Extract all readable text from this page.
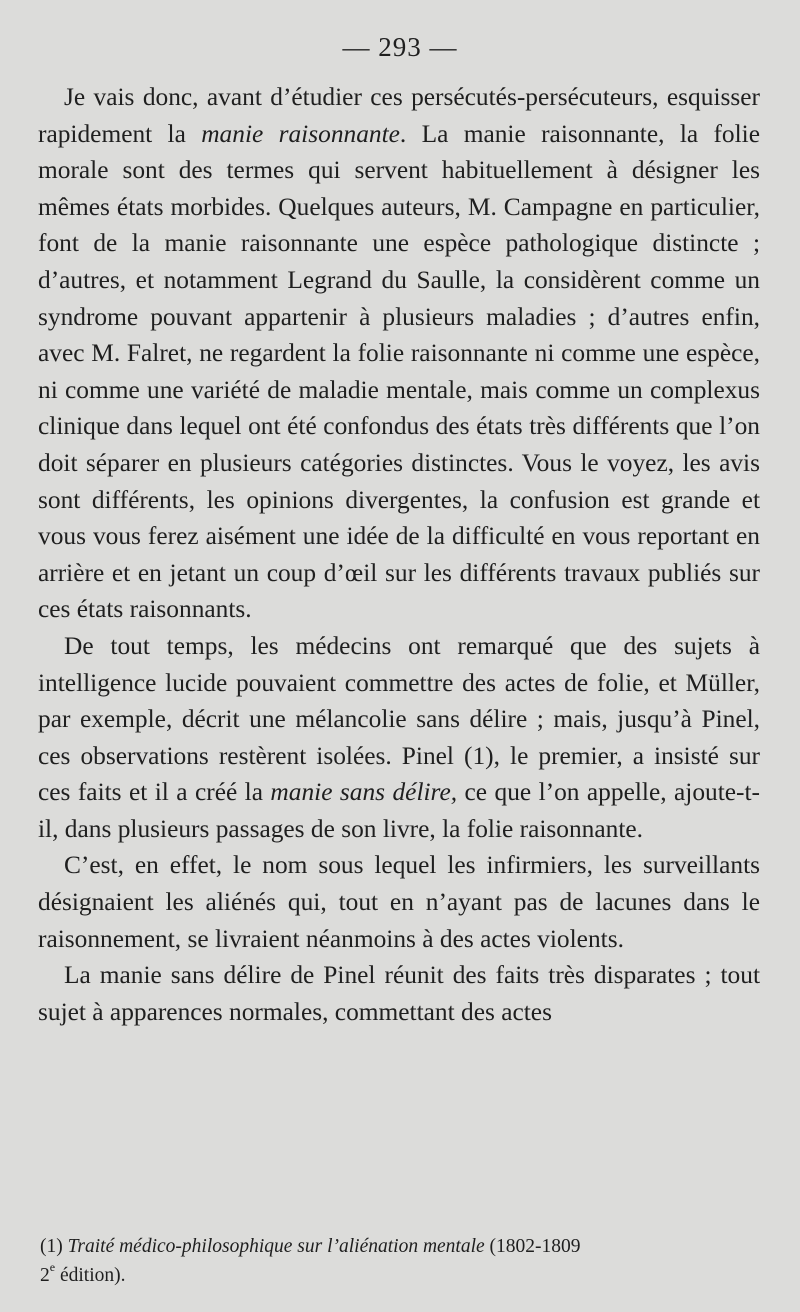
— 293 —

Je vais donc, avant d’étudier ces persécutés-persécuteurs, esquisser rapidement la manie raisonnante. La manie raisonnante, la folie morale sont des termes qui servent habituellement à désigner les mêmes états morbides. Quelques auteurs, M. Campagne en particulier, font de la manie raisonnante une espèce pathologique distincte ; d’autres, et notamment Legrand du Saulle, la considèrent comme un syndrome pouvant appartenir à plusieurs maladies ; d’autres enfin, avec M. Falret, ne regardent la folie raisonnante ni comme une espèce, ni comme une variété de maladie mentale, mais comme un complexus clinique dans lequel ont été confondus des états très différents que l’on doit séparer en plusieurs catégories distinctes. Vous le voyez, les avis sont différents, les opinions divergentes, la confusion est grande et vous vous ferez aisément une idée de la difficulté en vous reportant en arrière et en jetant un coup d’œil sur les différents travaux publiés sur ces états raisonnants.

De tout temps, les médecins ont remarqué que des sujets à intelligence lucide pouvaient commettre des actes de folie, et Müller, par exemple, décrit une mélancolie sans délire ; mais, jusqu’à Pinel, ces observations restèrent isolées. Pinel (1), le premier, a insisté sur ces faits et il a créé la manie sans délire, ce que l’on appelle, ajoute-t-il, dans plusieurs passages de son livre, la folie raisonnante.

C’est, en effet, le nom sous lequel les infirmiers, les surveillants désignaient les aliénés qui, tout en n’ayant pas de lacunes dans le raisonnement, se livraient néanmoins à des actes violents.

La manie sans délire de Pinel réunit des faits très disparates ; tout sujet à apparences normales, commettant des actes

(1) Traité médico-philosophique sur l’aliénation mentale (1802-1809
2e édition).
